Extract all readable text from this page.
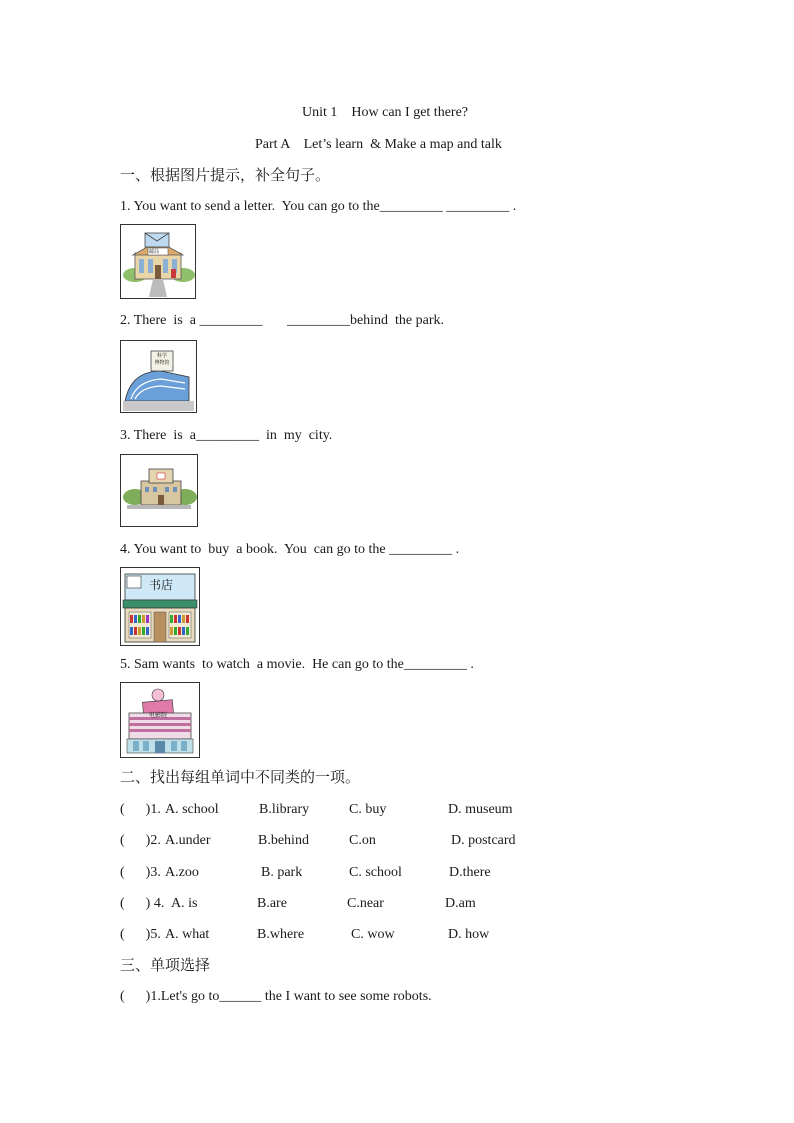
Unit 1    How can I get there?
Part A    Let’s learn  & Make a map and talk
一、根据图片提示，补全句子。
1. You want to send a letter.  You can go to the_________ _________ .
邮局
2. There  is  a _________       _________behind  the park.
科学
博物馆
3. There  is  a_________  in  my  city.
4. You want to  buy  a book.  You  can go to the _________ .
书店
5. Sam wants  to watch  a movie.  He can go to the_________ .
电影院
二、找出每组单词中不同类的一项。

(      )1.

A. school

	B.library

	C. buy

	D. museum

(      )2.

A.under

	B.behind

	C.on

	D. postcard

(      )3.

A.zoo

	B. park

	C. school

	D.there

(      ) 4.

A. is

	B.are

	C.near

	D.am

(      )5.

A. what

	B.where

	C. wow

	D. how

三、单项选择
(      )1.Let's go to______ the I want to see some robots.
